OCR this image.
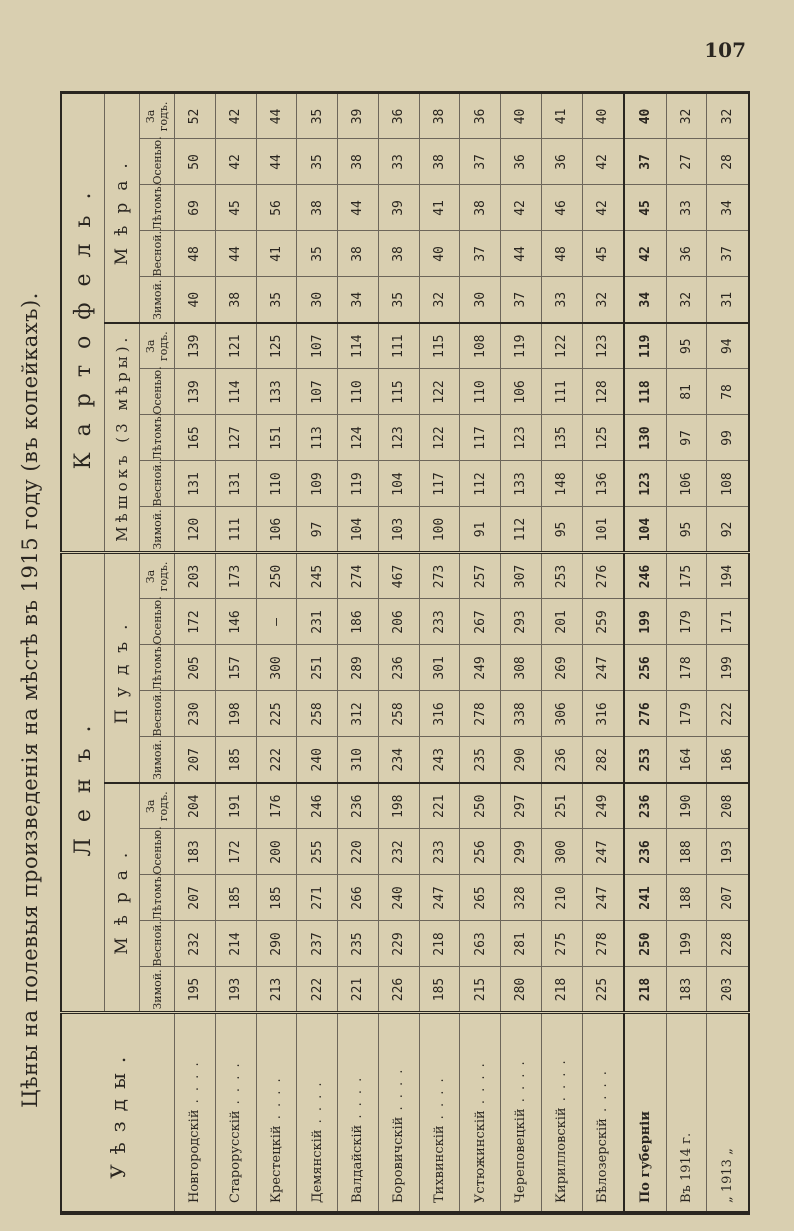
107
Цѣны на полевыя произведенія на мѣстѣ въ 1915 году (въ копейкахъ).
Уѣзды.	Ленъ.										Картофель.									
	Мѣра.					Пудъ.					Мѣшокъ (3 мѣры).					Мѣра.				
	Зимой.	Весной.	Лѣтомъ.	Осенью.	За годъ.	Зимой.	Весной.	Лѣтомъ.	Осенью.	За годъ.	Зимой.	Весной.	Лѣтомъ.	Осенью.	За годъ.	Зимой.	Весной.	Лѣтомъ.	Осенью.	За годъ.
Новгородскій . . . .	195	232	207	183	204	207	230	205	172	203	120	131	165	139	139	40	48	69	50	52
Старорусскій . . . .	193	214	185	172	191	185	198	157	146	173	111	131	127	114	121	38	44	45	42	42
Крестецкій . . . .	213	290	185	200	176	222	225	300	—	250	106	110	151	133	125	35	41	56	44	44
Демянскій . . . .	222	237	271	255	246	240	258	251	231	245	97	109	113	107	107	30	35	38	35	35
Валдайскій . . . .	221	235	266	220	236	310	312	289	186	274	104	119	124	110	114	34	38	44	38	39
Боровичскій . . . .	226	229	240	232	198	234	258	236	206	467	103	104	123	115	111	35	38	39	33	36
Тихвинскій . . . .	185	218	247	233	221	243	316	301	233	273	100	117	122	122	115	32	40	41	38	38
Устюжинскій . . . .	215	263	265	256	250	235	278	249	267	257	91	112	117	110	108	30	37	38	37	36
Череповецкій . . . .	280	281	328	299	297	290	338	308	293	307	112	133	123	106	119	37	44	42	36	40
Кирилловскій . . . .	218	275	210	300	251	236	306	269	201	253	95	148	135	111	122	33	48	46	36	41
Бѣлозерскій . . . .	225	278	247	247	249	282	316	247	259	276	101	136	125	128	123	32	45	42	42	40
По губерніи	218	250	241	236	236	253	276	256	199	246	104	123	130	118	119	34	42	45	37	40
Въ 1914 г.	183	199	188	188	190	164	179	178	179	175	95	106	97	81	95	32	36	33	27	32
„ 1913 „	203	228	207	193	208	186	222	199	171	194	92	108	99	78	94	31	37	34	28	32
